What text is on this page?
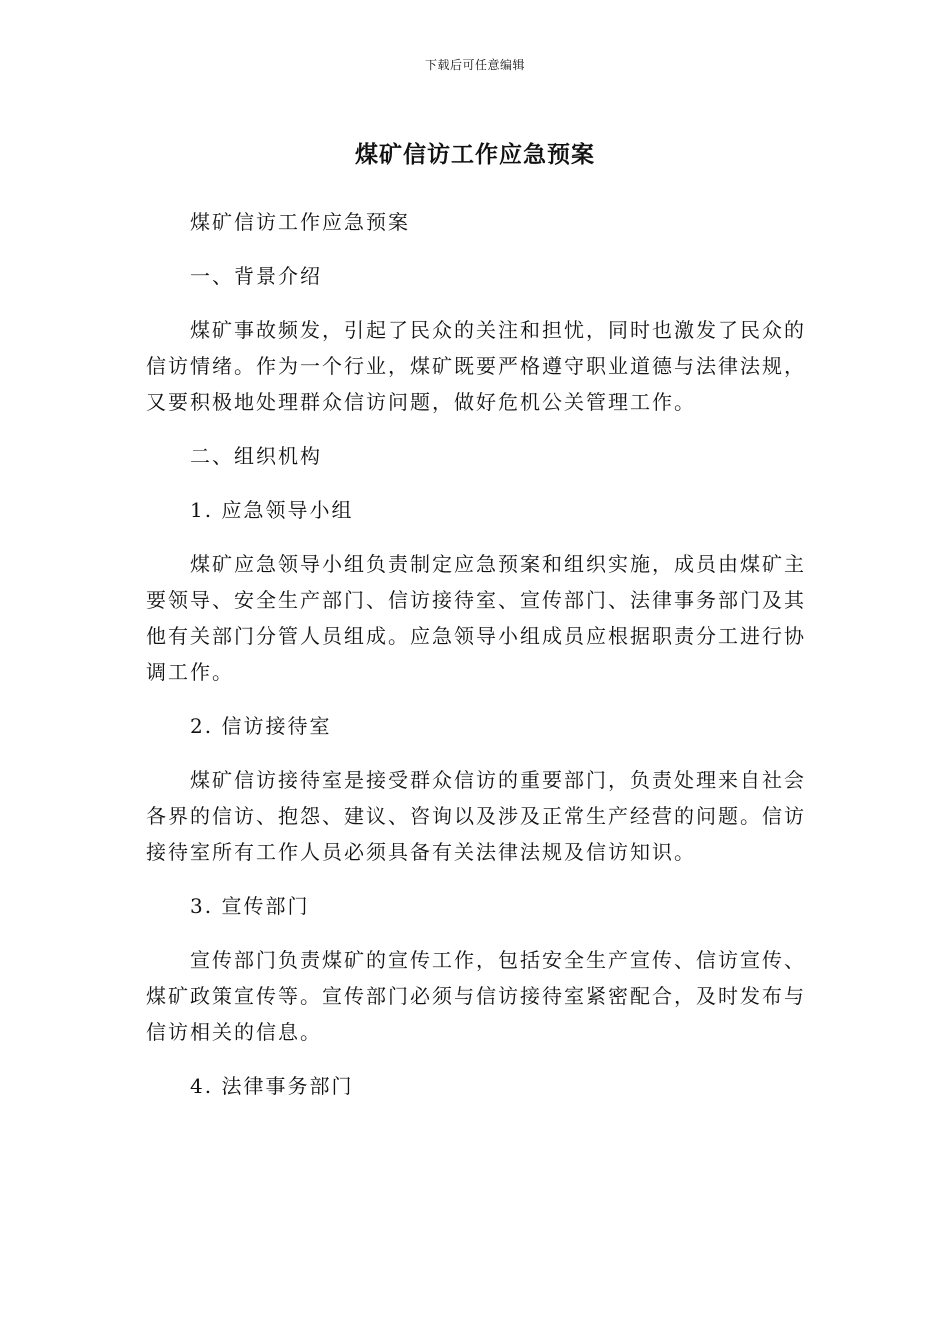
下载后可任意编辑
煤矿信访工作应急预案

煤矿信访工作应急预案

一、背景介绍

煤矿事故频发，引起了民众的关注和担忧，同时也激发了民众的信访情绪。作为一个行业，煤矿既要严格遵守职业道德与法律法规，又要积极地处理群众信访问题，做好危机公关管理工作。

二、组织机构

1. 应急领导小组

煤矿应急领导小组负责制定应急预案和组织实施，成员由煤矿主要领导、安全生产部门、信访接待室、宣传部门、法律事务部门及其他有关部门分管人员组成。应急领导小组成员应根据职责分工进行协调工作。

2. 信访接待室

煤矿信访接待室是接受群众信访的重要部门，负责处理来自社会各界的信访、抱怨、建议、咨询以及涉及正常生产经营的问题。信访接待室所有工作人员必须具备有关法律法规及信访知识。

3. 宣传部门

宣传部门负责煤矿的宣传工作，包括安全生产宣传、信访宣传、煤矿政策宣传等。宣传部门必须与信访接待室紧密配合，及时发布与信访相关的信息。

4. 法律事务部门
